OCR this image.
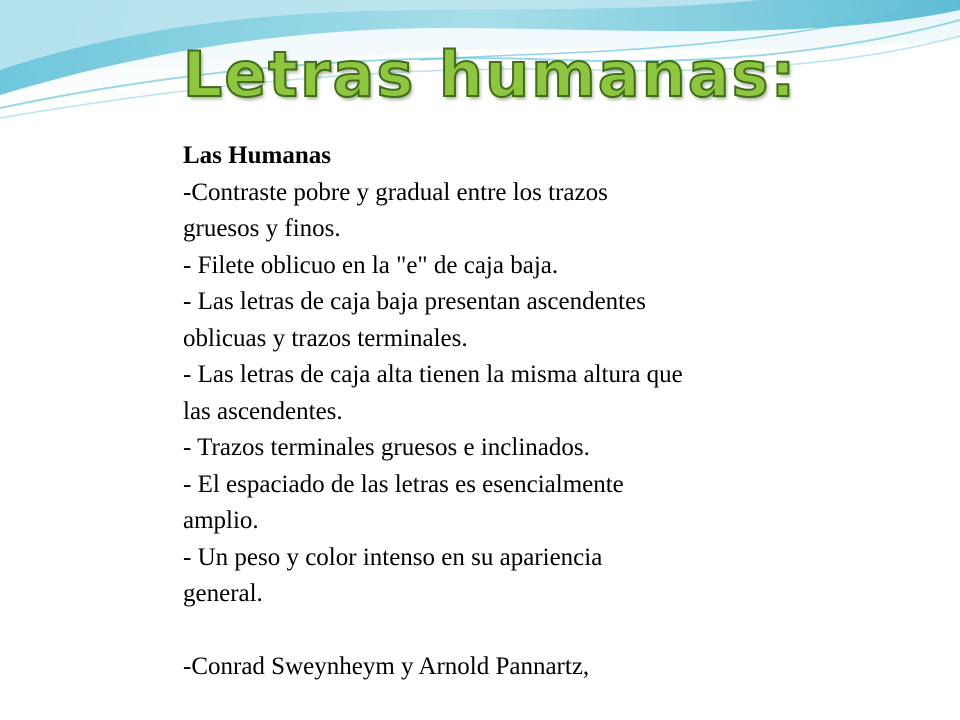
Letras humanas:
Las Humanas
-Contraste pobre y gradual entre los trazos
gruesos y finos.
- Filete oblicuo en la "e" de caja baja.
- Las letras de caja baja presentan ascendentes
oblicuas y trazos terminales.
- Las letras de caja alta tienen la misma altura que
las ascendentes.
- Trazos terminales gruesos e inclinados.
- El espaciado de las letras es esencialmente
amplio.
- Un peso y color intenso en su apariencia
general.
-Conrad Sweynheym y Arnold Pannartz,
